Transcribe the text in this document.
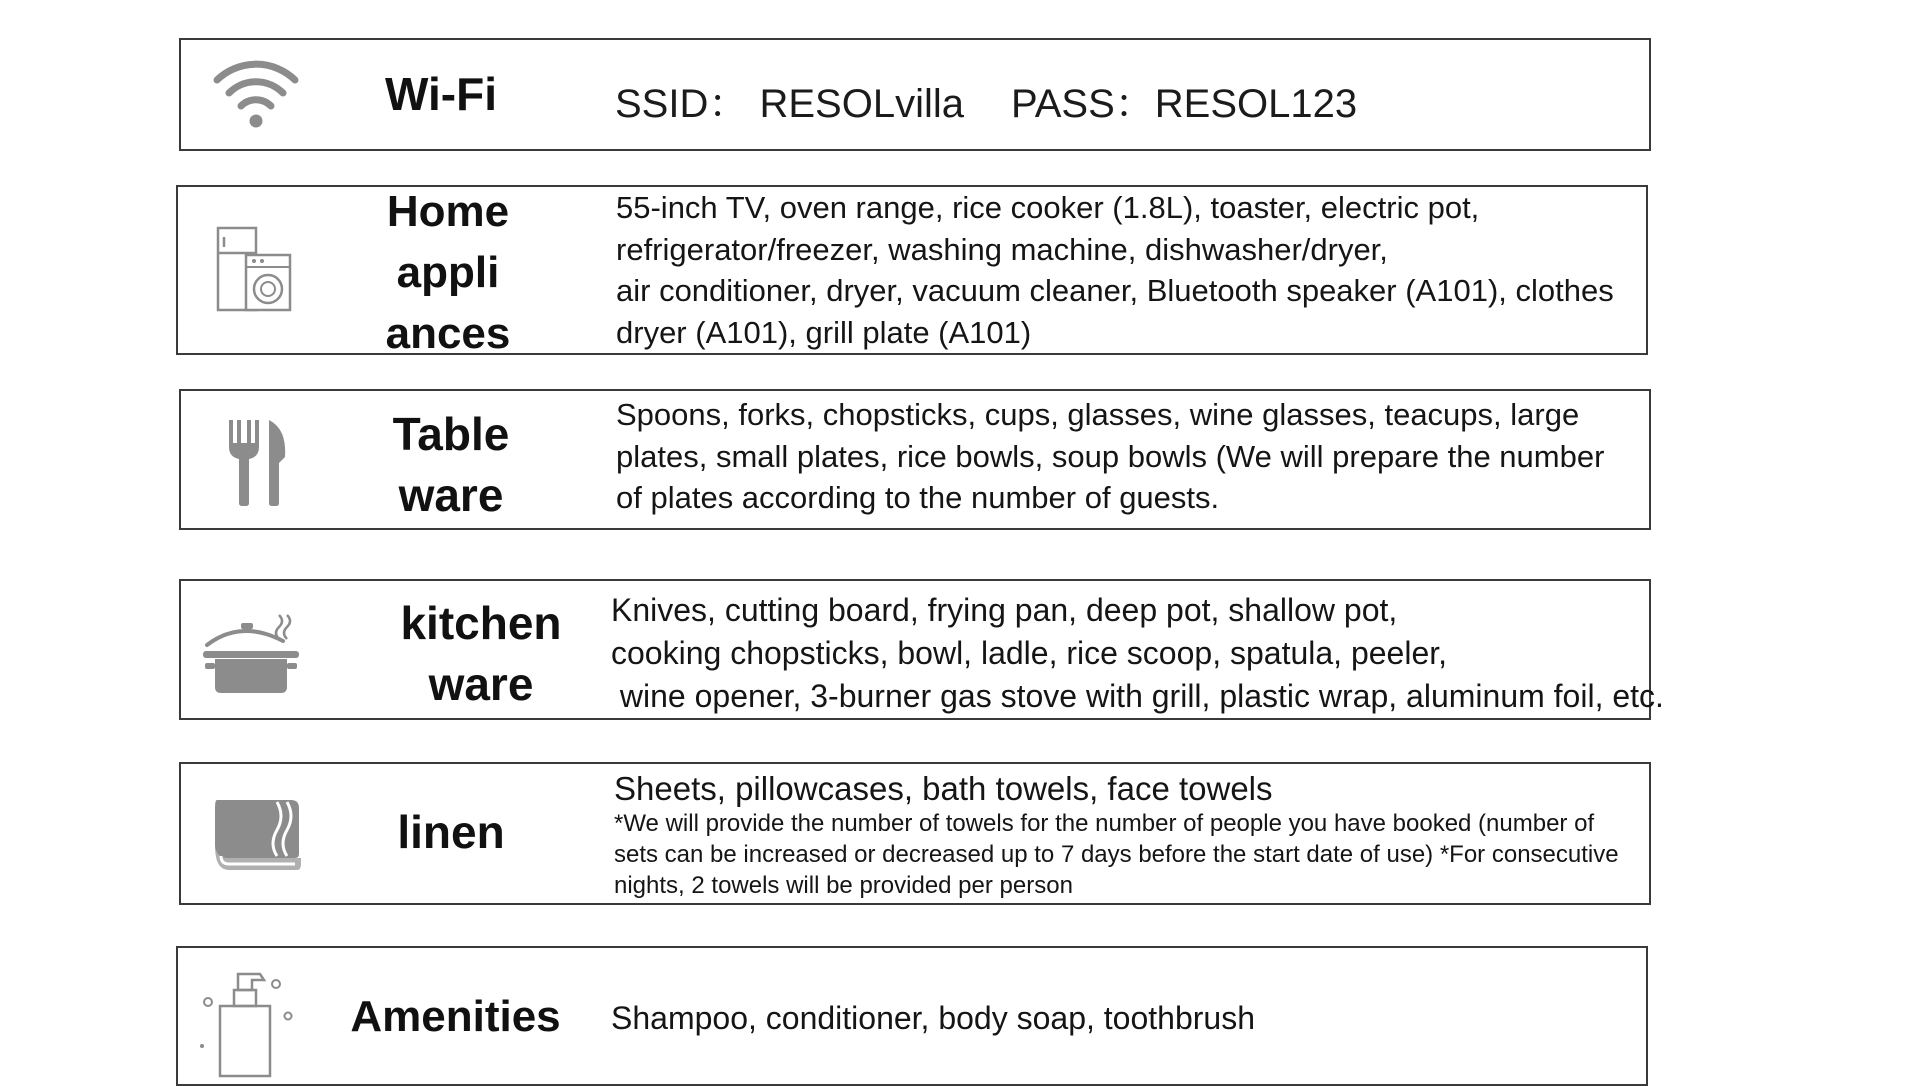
Wi-Fi	SSID： RESOLvilla PASS：RESOL123
Home
appli
ances
55-inch TV, oven range, rice cooker (1.8L), toaster, electric pot,
refrigerator/freezer, washing machine, dishwasher/dryer,
air conditioner, dryer, vacuum cleaner, Bluetooth speaker (A101), clothes
dryer (A101), grill plate (A101)
Table
ware
Spoons, forks, chopsticks, cups, glasses, wine glasses, teacups, large
plates, small plates, rice bowls, soup bowls (We will prepare the number
of plates according to the number of guests.
kitchen
ware
Knives, cutting board, frying pan, deep pot, shallow pot,
cooking chopsticks, bowl, ladle, rice scoop, spatula, peeler,
wine opener, 3-burner gas stove with grill, plastic wrap, aluminum foil, etc.
linen
Sheets, pillowcases, bath towels, face towels
*We will provide the number of towels for the number of people you have booked (number of
sets can be increased or decreased up to 7 days before the start date of use) *For consecutive
nights, 2 towels will be provided per person
Amenities	Shampoo, conditioner, body soap, toothbrush
